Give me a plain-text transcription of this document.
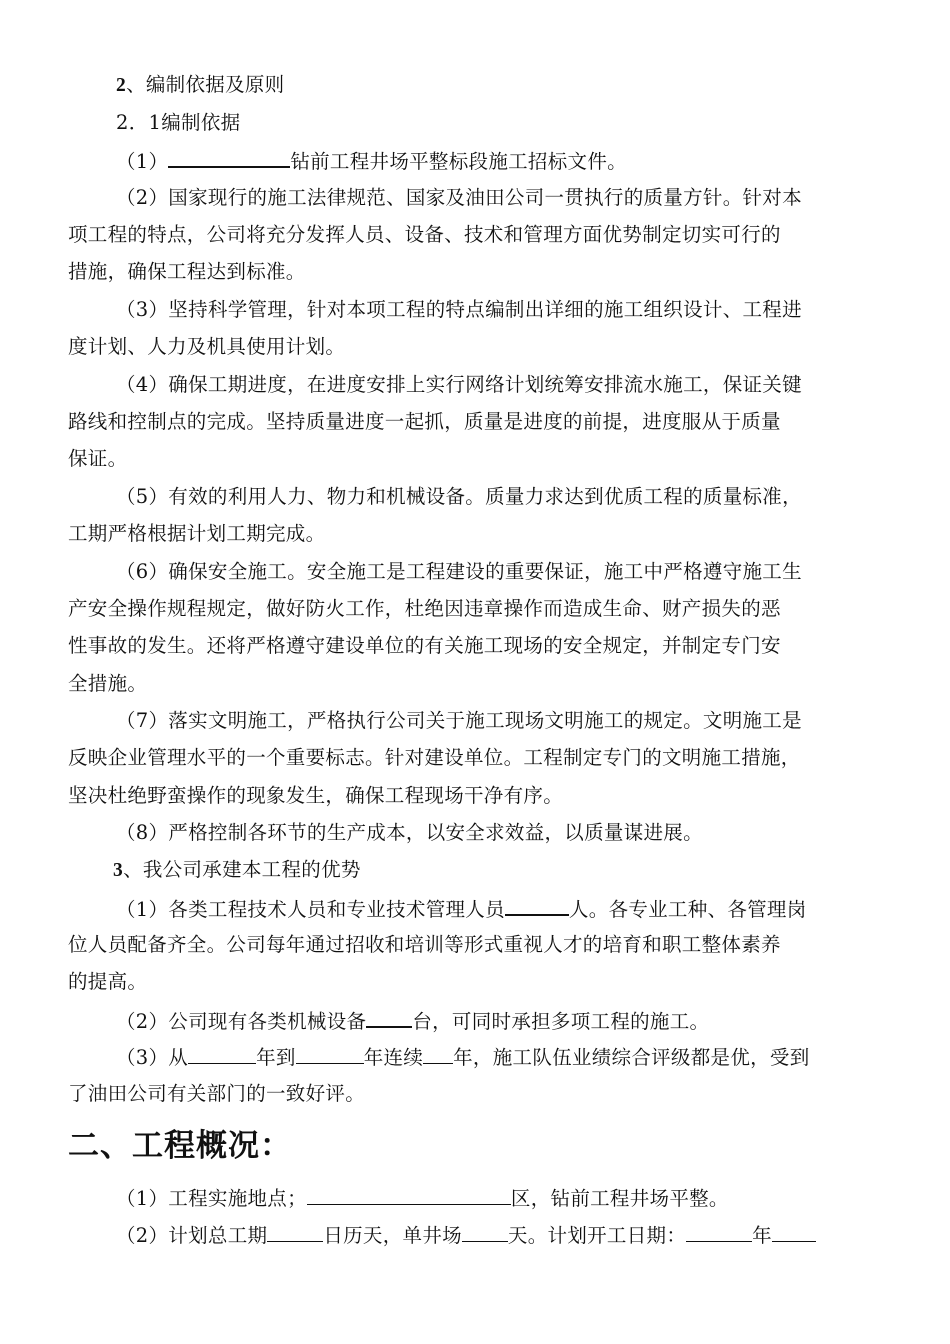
2、编制依据及原则
2．1编制依据
（1）	钻前工程井场平整标段施工招标文件。
（2）国家现行的施工法律规范、国家及油田公司一贯执行的质量方针。针对本
项工程的特点，公司将充分发挥人员、设备、技术和管理方面优势制定切实可行的
措施，确保工程达到标准。
（3）坚持科学管理，针对本项工程的特点编制出详细的施工组织设计、工程进
度计划、人力及机具使用计划。
（4）确保工期进度，在进度安排上实行网络计划统筹安排流水施工，保证关键
路线和控制点的完成。坚持质量进度一起抓，质量是进度的前提，进度服从于质量
保证。
（5）有效的利用人力、物力和机械设备。质量力求达到优质工程的质量标准，
工期严格根据计划工期完成。
（6）确保安全施工。安全施工是工程建设的重要保证，施工中严格遵守施工生
产安全操作规程规定，做好防火工作，杜绝因违章操作而造成生命、财产损失的恶
性事故的发生。还将严格遵守建设单位的有关施工现场的安全规定，并制定专门安
全措施。
（7）落实文明施工，严格执行公司关于施工现场文明施工的规定。文明施工是
反映企业管理水平的一个重要标志。针对建设单位。工程制定专门的文明施工措施，
坚决杜绝野蛮操作的现象发生，确保工程现场干净有序。
（8）严格控制各环节的生产成本，以安全求效益，以质量谋进展。
3、我公司承建本工程的优势
（1）各类工程技术人员和专业技术管理人员	人。各专业工种、各管理岗
位人员配备齐全。公司每年通过招收和培训等形式重视人才的培育和职工整体素养
的提高。
（2）公司现有各类机械设备 台，可同时承担多项工程的施工。
（3）从	年到	年连续 年，施工队伍业绩综合评级都是优，受到
了油田公司有关部门的一致好评。
二、工程概况：
（1）工程实施地点；	区，钻前工程井场平整。
（2）计划总工期	日历天，单井场 天。计划开工日期：	年
